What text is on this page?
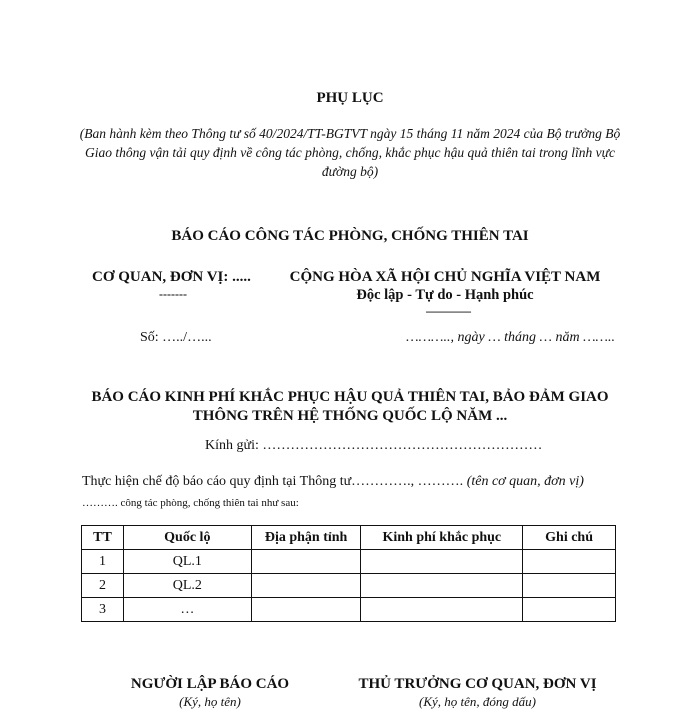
PHỤ LỤC
(Ban hành kèm theo Thông tư số 40/2024/TT-BGTVT ngày 15 tháng 11 năm 2024 của Bộ trưởng Bộ Giao thông vận tải quy định về công tác phòng, chống, khắc phục hậu quả thiên tai trong lĩnh vực đường bộ)
BÁO CÁO CÔNG TÁC PHÒNG, CHỐNG THIÊN TAI
CƠ QUAN, ĐƠN VỊ: .....
-------
CỘNG HÒA XÃ HỘI CHỦ NGHĨA VIỆT NAM
Độc lập - Tự do - Hạnh phúc
---------------
Số: …../…...	……….., ngày … tháng … năm ……..
BÁO CÁO KINH PHÍ KHẮC PHỤC HẬU QUẢ THIÊN TAI, BẢO ĐẢM GIAO THÔNG TRÊN HỆ THỐNG QUỐC LỘ NĂM ...
Kính gửi: ……………………………………………………
Thực hiện chế độ báo cáo quy định tại Thông tư…………., ………. (tên cơ quan, đơn vị)
………. công tác phòng, chống thiên tai như sau:
TT	Quốc lộ	Địa phận tỉnh	Kinh phí khắc phục	Ghi chú
1	QL.1			
2	QL.2			
3	…			
NGƯỜI LẬP BÁO CÁO
(Ký, họ tên)
THỦ TRƯỞNG CƠ QUAN, ĐƠN VỊ
(Ký, họ tên, đóng dấu)
